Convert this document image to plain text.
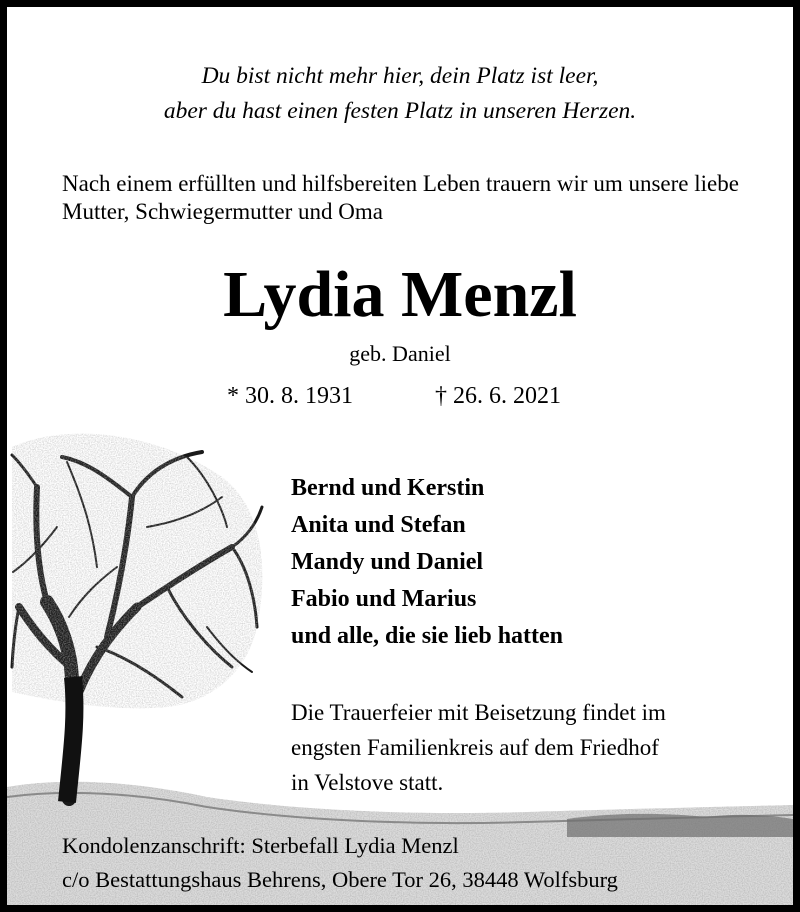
Du bist nicht mehr hier, dein Platz ist leer,
aber du hast einen festen Platz in unseren Herzen.
Nach einem erfüllten und hilfsbereiten Leben trauern wir um unsere liebe Mutter, Schwiegermutter und Oma
Lydia Menzl
geb. Daniel
* 30. 8. 1931	† 26. 6. 2021
Bernd und Kerstin
Anita und Stefan
Mandy und Daniel
Fabio und Marius
und alle, die sie lieb hatten
Die Trauerfeier mit Beisetzung findet im
engsten Familienkreis auf dem Friedhof
in Velstove statt.
Kondolenzanschrift: Sterbefall Lydia Menzl
c/o Bestattungshaus Behrens, Obere Tor 26, 38448 Wolfsburg
